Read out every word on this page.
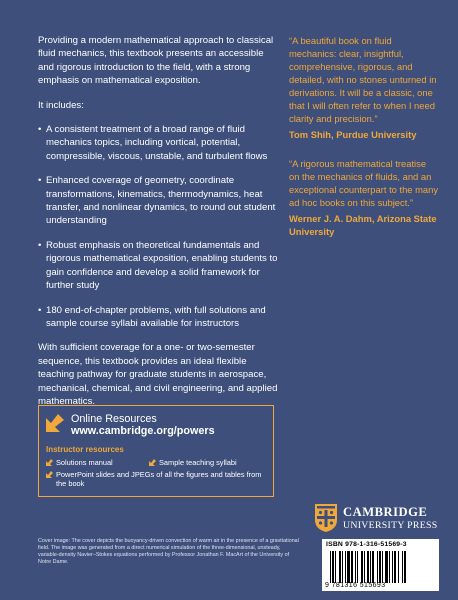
Providing a modern mathematical approach to classical fluid mechanics, this textbook presents an accessible and rigorous introduction to the field, with a strong emphasis on mathematical exposition.

It includes:

• A consistent treatment of a broad range of fluid mechanics topics, including vortical, potential, compressible, viscous, unstable, and turbulent flows
• Enhanced coverage of geometry, coordinate transformations, kinematics, thermodynamics, heat transfer, and nonlinear dynamics, to round out student understanding
• Robust emphasis on theoretical fundamentals and rigorous mathematical exposition, enabling students to gain confidence and develop a solid framework for further study
• 180 end-of-chapter problems, with full solutions and sample course syllabi available for instructors

With sufficient coverage for a one- or two-semester sequence, this textbook provides an ideal flexible teaching pathway for graduate students in aerospace, mechanical, chemical, and civil engineering, and applied mathematics.

“A beautiful book on fluid mechanics: clear, insightful, comprehensive, rigorous, and detailed, with no stones unturned in derivations. It will be a classic, one that I will often refer to when I need clarity and precision.”

Tom Shih, Purdue University

“A rigorous mathematical treatise on the mechanics of fluids, and an exceptional counterpart to the many ad hoc books on this subject.”

Werner J. A. Dahm, Arizona State University

Online Resources
www.cambridge.org/powers
Instructor resources
Solutions manual	Sample teaching syllabi
PowerPoint slides and JPEGs of all the figures and tables from the book
Cover image: The cover depicts the buoyancy-driven convection of warm air in the presence of a gravitational field. The image was generated from a direct numerical simulation of the three-dimensional, unsteady, variable-density Navier–Stokes equations performed by Professor Jonathan F. MacArt of the University of Notre Dame.
CAMBRIDGE
UNIVERSITY PRESS
ISBN 978-1-316-51569-3
9 781316 515693
